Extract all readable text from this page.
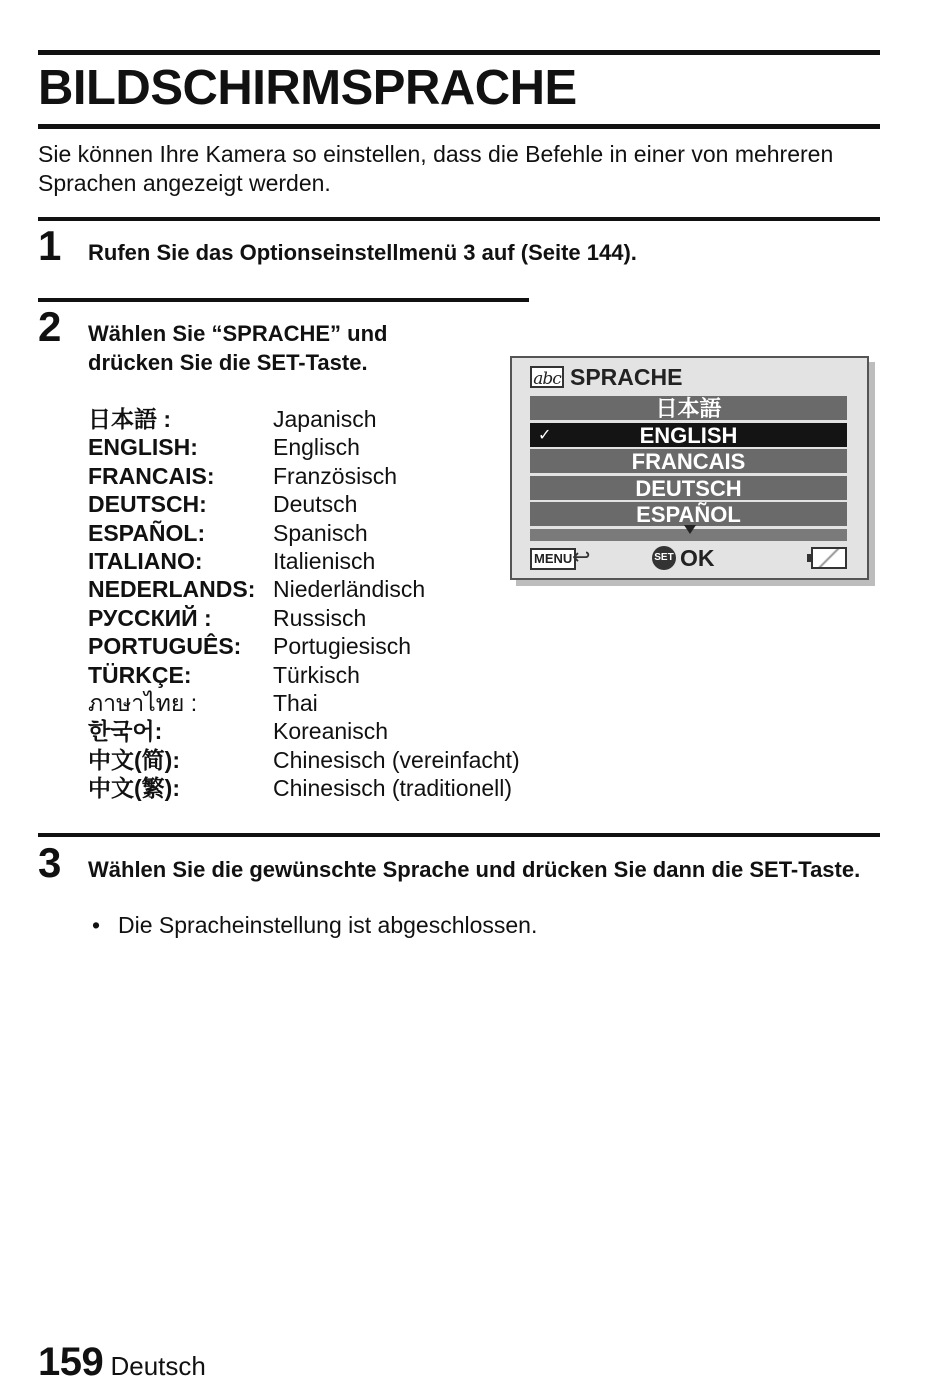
BILDSCHIRMSPRACHE

Sie können Ihre Kamera so einstellen, dass die Befehle in einer von mehreren Sprachen angezeigt werden.

1 Rufen Sie das Optionseinstellmenü 3 auf (Seite 144).

2 Wählen Sie “SPRACHE” und drücken Sie die SET-Taste.

日本語 :	Japanisch
ENGLISH:	Englisch
FRANCAIS:	Französisch
DEUTSCH:	Deutsch
ESPAÑOL:	Spanisch
ITALIANO:	Italienisch
NEDERLANDS: Niederländisch
РУССКИЙ :	Russisch
PORTUGUÊS: Portugiesisch
TÜRKÇE:	Türkisch
ภาษาไทย :	Thai
한국어:	Koreanisch
中文(简):	Chinesisch (vereinfacht)
中文(繁):	Chinesisch (traditionell)
abc SPRACHE
日本語
✓	ENGLISH
FRANCAIS
DEUTSCH
ESPAÑOL
MENU ↩	SET OK
3 Wählen Sie die gewünschte Sprache und drücken Sie dann die SET-Taste.

• Die Spracheinstellung ist abgeschlossen.

159 Deutsch
